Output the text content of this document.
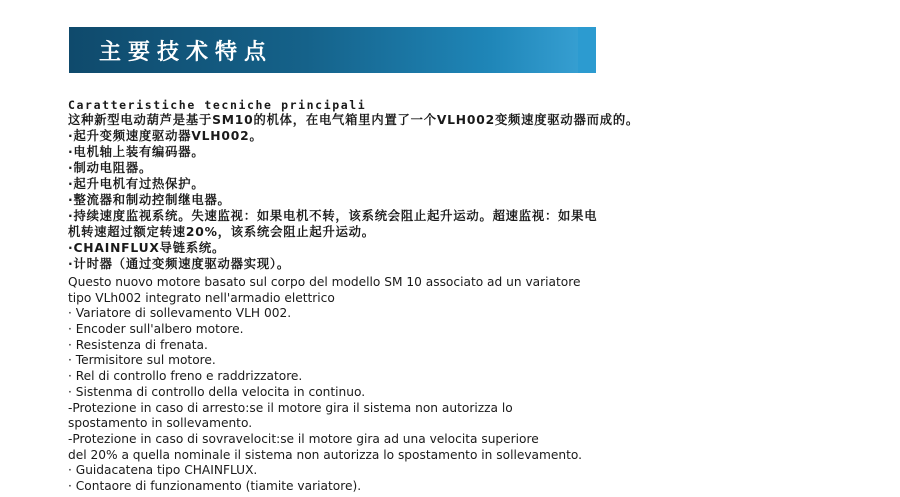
主要技术特点
Caratteristiche tecniche principali
这种新型电动葫芦是基于SM10的机体，在电气箱里内置了一个VLH002变频速度驱动器而成的。
·起升变频速度驱动器VLH002。
·电机轴上装有编码器。
·制动电阻器。
·起升电机有过热保护。
·整流器和制动控制继电器。
·持续速度监视系统。失速监视：如果电机不转，该系统会阻止起升运动。超速监视：如果电
机转速超过额定转速20%，该系统会阻止起升运动。
·CHAINFLUX导链系统。
·计时器（通过变频速度驱动器实现）。
Questo nuovo motore basato sul corpo del modello SM 10 associato ad un variatore
tipo VLh002 integrato nell'armadio elettrico
· Variatore di sollevamento VLH 002.
· Encoder sull'albero motore.
· Resistenza di frenata.
· Termisitore sul motore.
· Rel di controllo freno e raddrizzatore.
· Sistenma di controllo della velocita in continuo.
-Protezione in caso di arresto:se il motore gira il sistema non autorizza lo
spostamento in sollevamento.
-Protezione in caso di sovravelocit:se il motore gira ad una velocita superiore
del 20% a quella nominale il sistema non autorizza lo spostamento in sollevamento.
· Guidacatena tipo CHAINFLUX.
· Contaore di funzionamento (tiamite variatore).
